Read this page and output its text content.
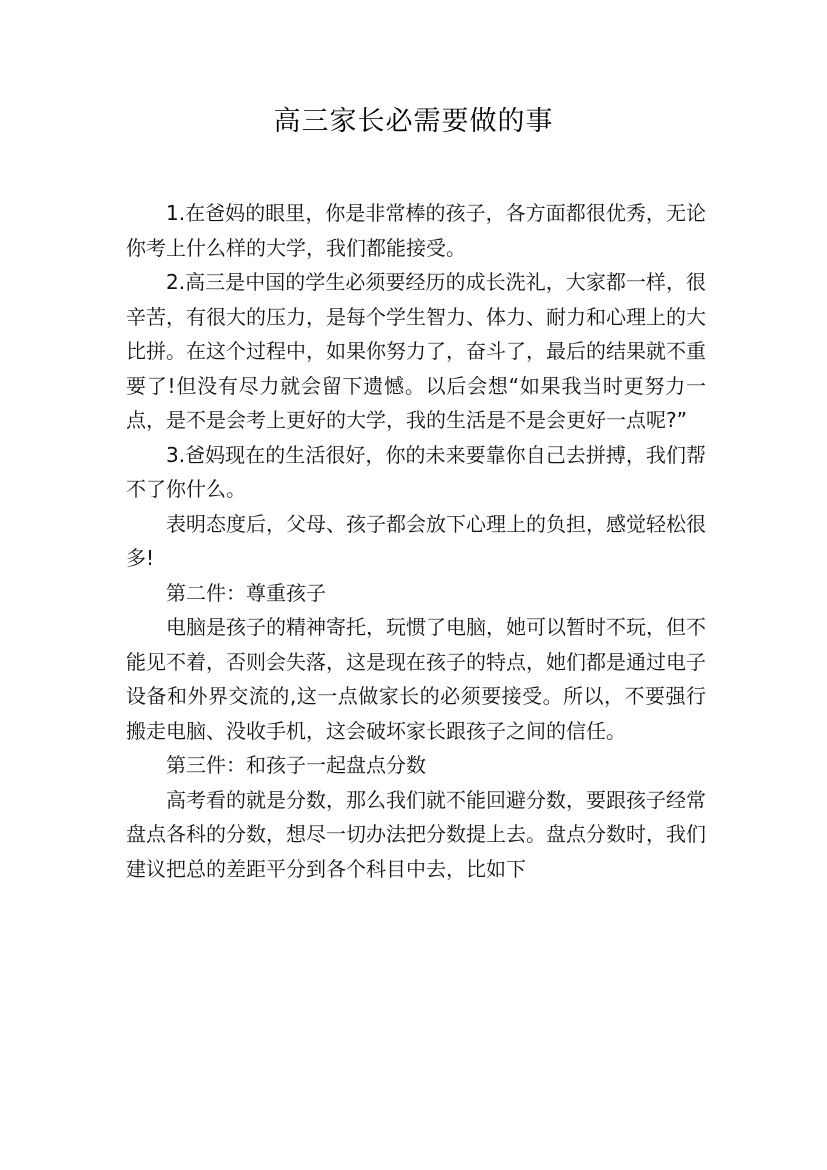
高三家长必需要做的事

1.在爸妈的眼里，你是非常棒的孩子，各方面都很优秀，无论你考上什么样的大学，我们都能接受。

2.高三是中国的学生必须要经历的成长洗礼，大家都一样，很辛苦，有很大的压力，是每个学生智力、体力、耐力和心理上的大比拼。在这个过程中，如果你努力了，奋斗了，最后的结果就不重要了!但没有尽力就会留下遗憾。以后会想“如果我当时更努力一点，是不是会考上更好的大学，我的生活是不是会更好一点呢?”

3.爸妈现在的生活很好，你的未来要靠你自己去拼搏，我们帮不了你什么。

表明态度后，父母、孩子都会放下心理上的负担，感觉轻松很多!

第二件：尊重孩子

电脑是孩子的精神寄托，玩惯了电脑，她可以暂时不玩，但不能见不着，否则会失落，这是现在孩子的特点，她们都是通过电子设备和外界交流的,这一点做家长的必须要接受。所以，不要强行搬走电脑、没收手机，这会破坏家长跟孩子之间的信任。

第三件：和孩子一起盘点分数

高考看的就是分数，那么我们就不能回避分数，要跟孩子经常盘点各科的分数，想尽一切办法把分数提上去。盘点分数时，我们建议把总的差距平分到各个科目中去，比如下
